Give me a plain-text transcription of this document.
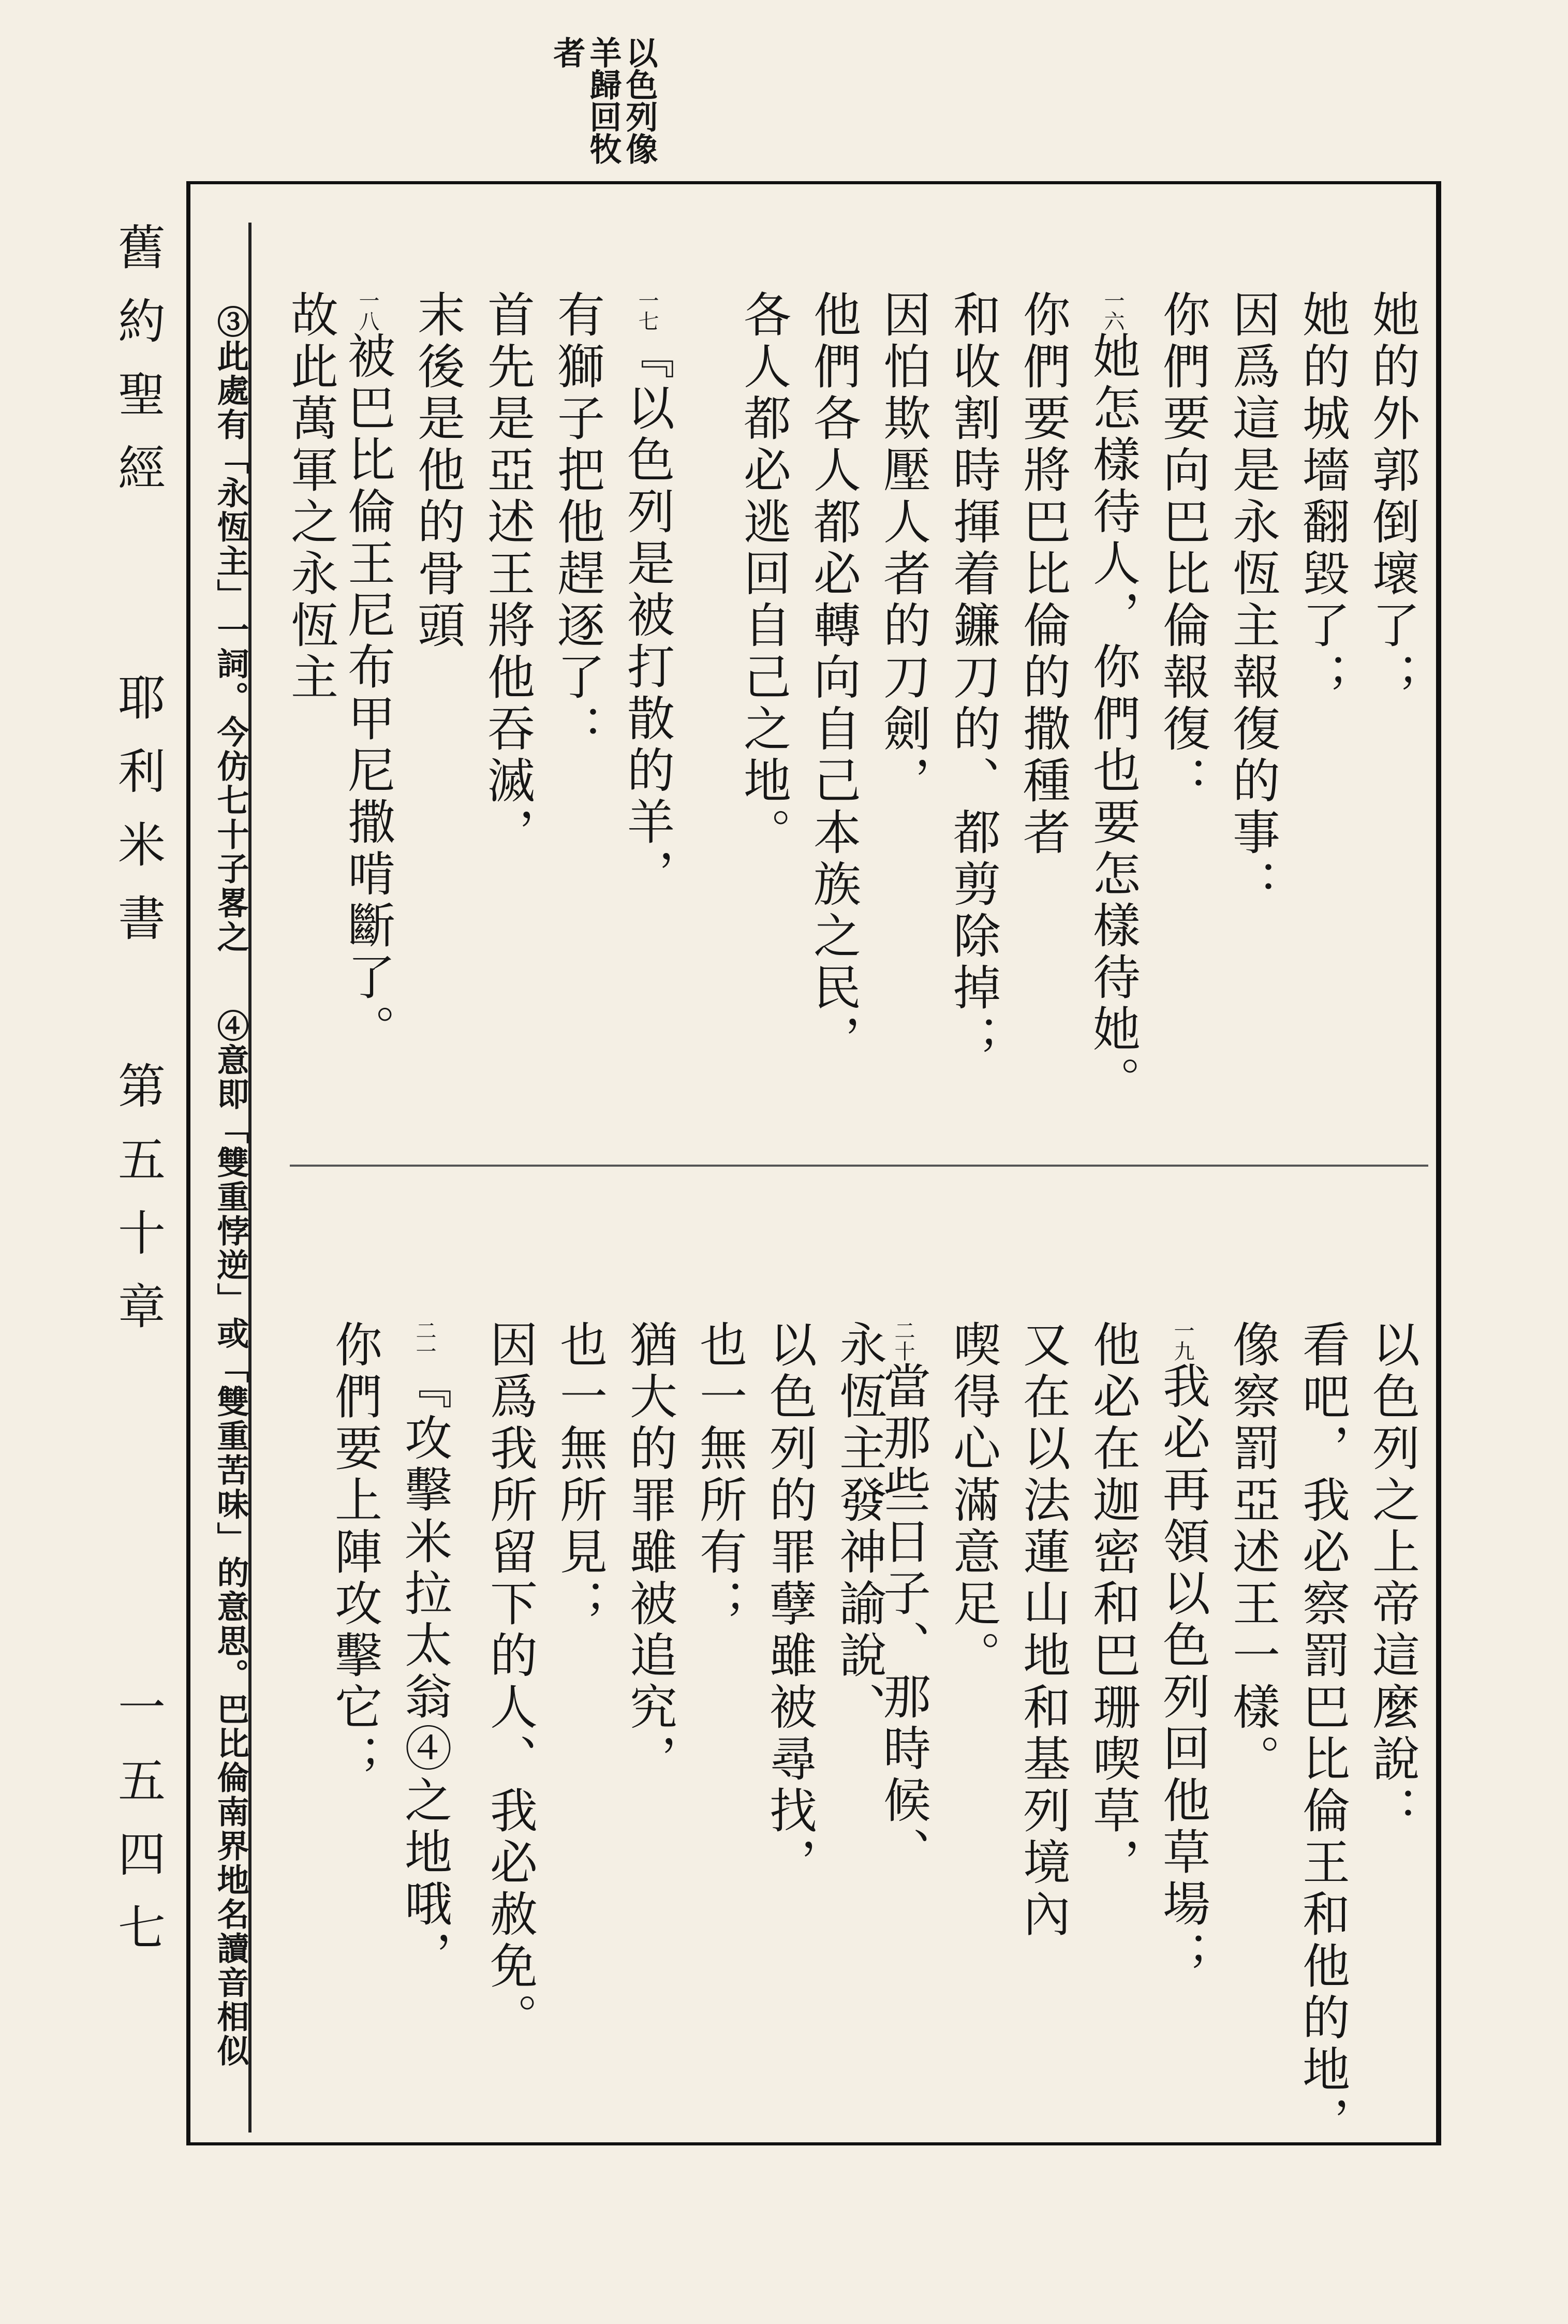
以色列像
羊歸回牧
者
舊約聖經
耶利米書
第五十章
一五四七
③此處有「永恆主」一詞。今仿七十子畧之
④意即「雙重悖逆」或「雙重苦味」的意思。巴比倫南界地名讀音相似
她的外郭倒壞了；
她的城墻翻毀了；
因爲這是永恆主報復的事：
你們要向巴比倫報復：
一六她怎樣待人，你們也要怎樣待她。
你們要將巴比倫的撒種者
和收割時揮着鐮刀的、都剪除掉；
因怕欺壓人者的刀劍，
他們各人都必轉向自己本族之民，
各人都必逃回自己之地。
一七『以色列是被打散的羊，
有獅子把他趕逐了：
首先是亞述王將他吞滅，
末後是他的骨頭
一八被巴比倫王尼布甲尼撒啃斷了。
故此萬軍之永恆主
以色列之上帝這麼說：
看吧，我必察罰巴比倫王和他的地，
像察罰亞述王一樣。
一九我必再領以色列回他草場；
他必在迦密和巴珊喫草，
又在以法蓮山地和基列境內
喫得心滿意足。
二十當那些日子、那時候、
永恆主發神諭說、
以色列的罪孽雖被尋找，
也一無所有；
猶大的罪雖被追究，
也一無所見；
因爲我所留下的人、我必赦免。
二一『攻擊米拉太翁④之地哦，
你們要上陣攻擊它；
